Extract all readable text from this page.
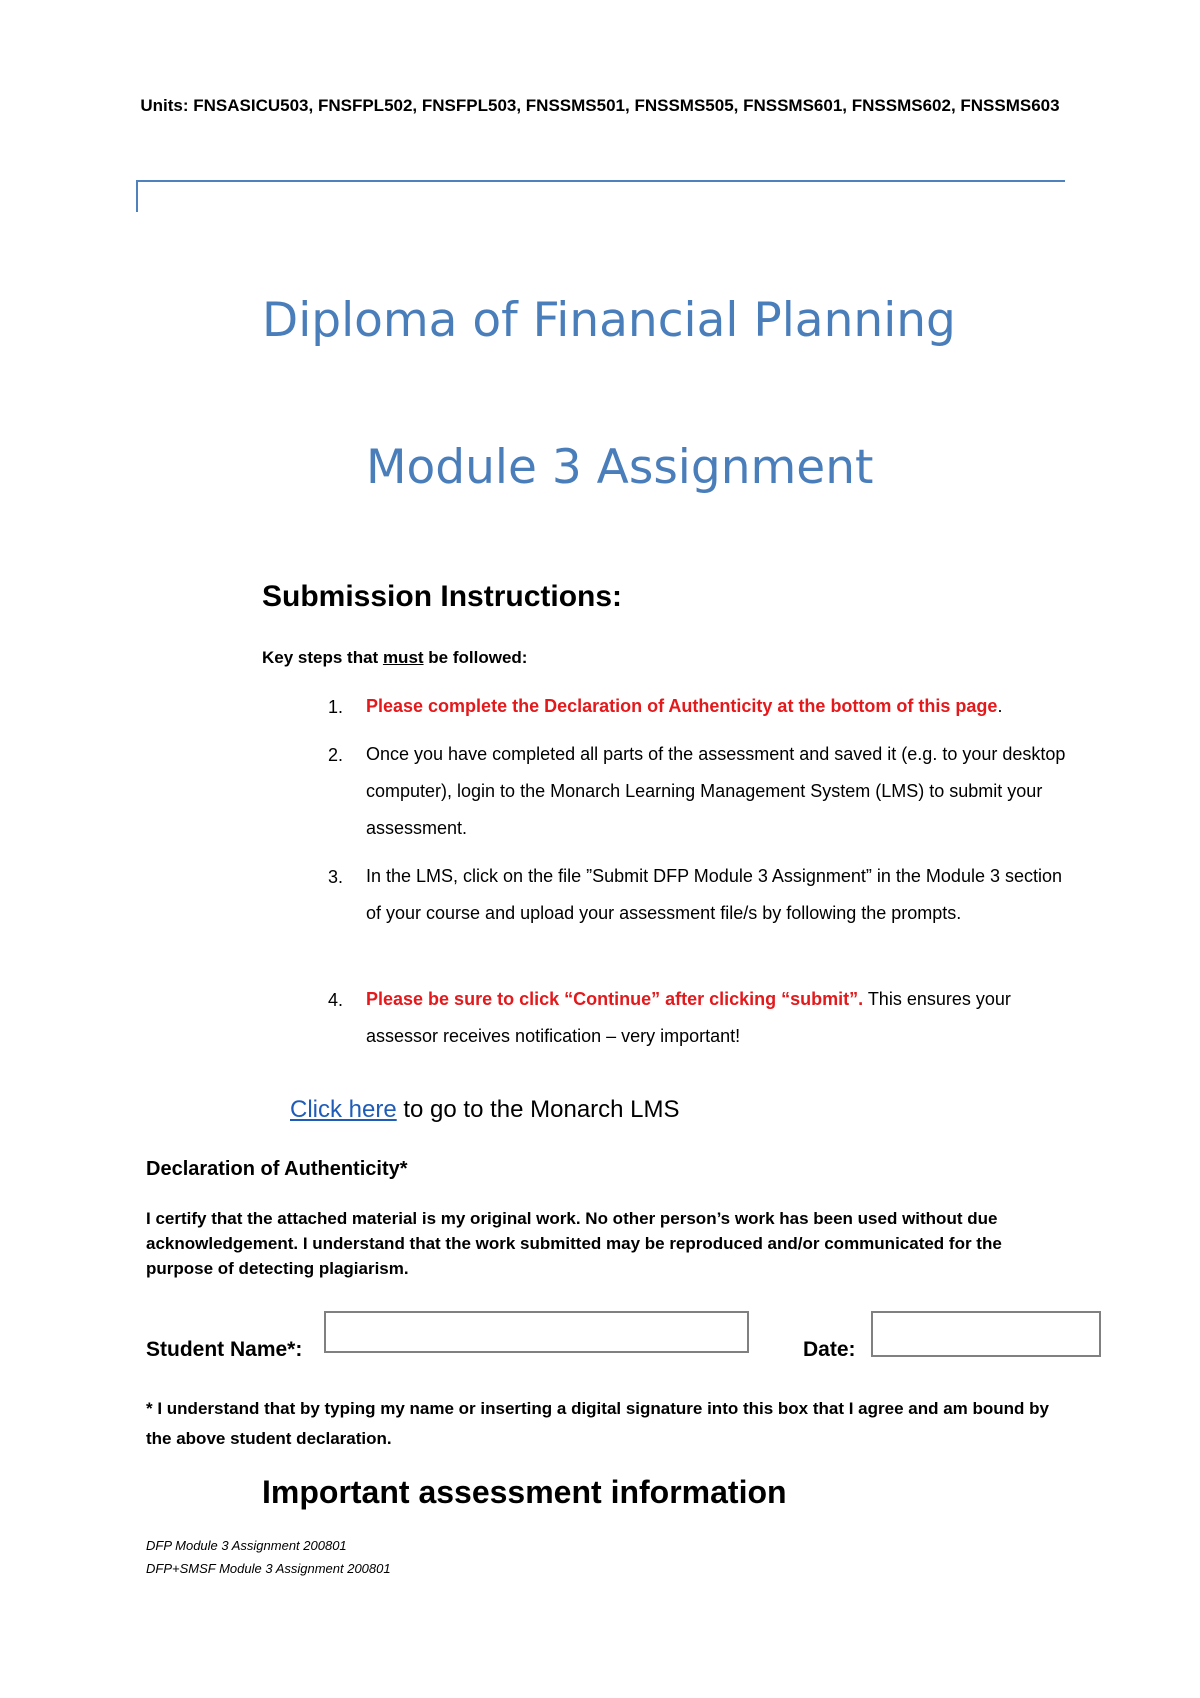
Units: FNSASICU503, FNSFPL502, FNSFPL503, FNSSMS501, FNSSMS505, FNSSMS601, FNSSMS602, FNSSMS603
Diploma of Financial Planning
Module 3 Assignment
Submission Instructions:
Key steps that must be followed:
1. Please complete the Declaration of Authenticity at the bottom of this page.
2. Once you have completed all parts of the assessment and saved it (e.g. to your desktop computer), login to the Monarch Learning Management System (LMS) to submit your assessment.
3. In the LMS, click on the file ”Submit DFP Module 3 Assignment” in the Module 3 section of your course and upload your assessment file/s by following the prompts.
4. Please be sure to click “Continue” after clicking “submit”. This ensures your assessor receives notification – very important!
Click here to go to the Monarch LMS
Declaration of Authenticity*
I certify that the attached material is my original work. No other person’s work has been used without due acknowledgement. I understand that the work submitted may be reproduced and/or communicated for the purpose of detecting plagiarism.
Student Name*:	Date:
* I understand that by typing my name or inserting a digital signature into this box that I agree and am bound by the above student declaration.
Important assessment information
DFP Module 3 Assignment 200801
DFP+SMSF Module 3 Assignment 200801
